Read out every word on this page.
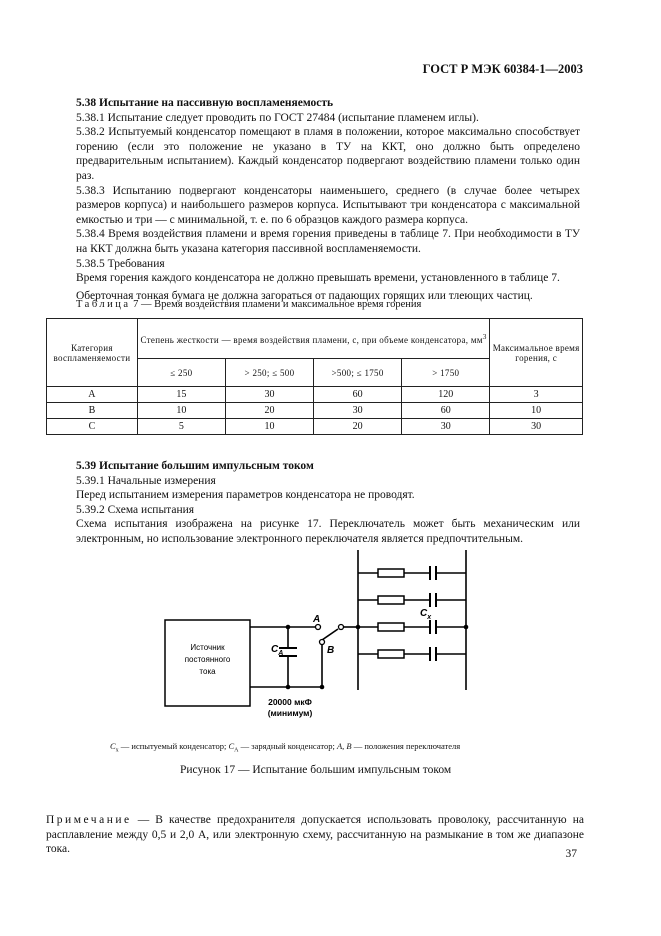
ГОСТ Р МЭК 60384-1—2003
5.38 Испытание на пассивную воспламеняемость
5.38.1 Испытание следует проводить по ГОСТ 27484 (испытание пламенем иглы).
5.38.2 Испытуемый конденсатор помещают в пламя в положении, которое максимально способствует горению (если это положение не указано в ТУ на ККТ, оно должно быть определено предварительным испытанием). Каждый конденсатор подвергают воздействию пламени только один раз.
5.38.3 Испытанию подвергают конденсаторы наименьшего, среднего (в случае более четырех размеров корпуса) и наибольшего размеров корпуса. Испытывают три конденсатора с максимальной емкостью и три — с минимальной, т. е. по 6 образцов каждого размера корпуса.
5.38.4 Время воздействия пламени и время горения приведены в таблице 7. При необходимости в ТУ на ККТ должна быть указана категория пассивной воспламеняемости.
5.38.5 Требования
Время горения каждого конденсатора не должно превышать времени, установленного в таблице 7.
Оберточная тонкая бумага не должна загораться от падающих горящих или тлеющих частиц.
Таблица 7 — Время воздействия пламени и максимальное время горения
Категория воспламеняемости	Степень жесткости — время воздействия пламени, с, при объеме конденсатора, $мм^3$				Максимальное время горения, с
	≤ 250	> 250; ≤ 500	>500; ≤ 1750	> 1750	
A	15	30	60	120	3
B	10	20	30	60	10
C	5	10	20	30	30
5.39 Испытание большим импульсным током
5.39.1 Начальные измерения
Перед испытанием измерения параметров конденсатора не проводят.
5.39.2 Схема испытания
Схема испытания изображена на рисунке 17. Переключатель может быть механическим или электронным, но использование электронного переключателя является предпочтительным.
Источник
постоянного
тока
$C_A$
A
B
$C_x$
20000 мкФ
(минимум)
$C_x$ — испытуемый конденсатор; $C_A$ — зарядный конденсатор; A, B — положения переключателя
Рисунок 17 — Испытание большим импульсным током
Примечание — В качестве предохранителя допускается использовать проволоку, рассчитанную на расплавление между 0,5 и 2,0 А, или электронную схему, рассчитанную на размыкание в том же диапазоне тока.	37
